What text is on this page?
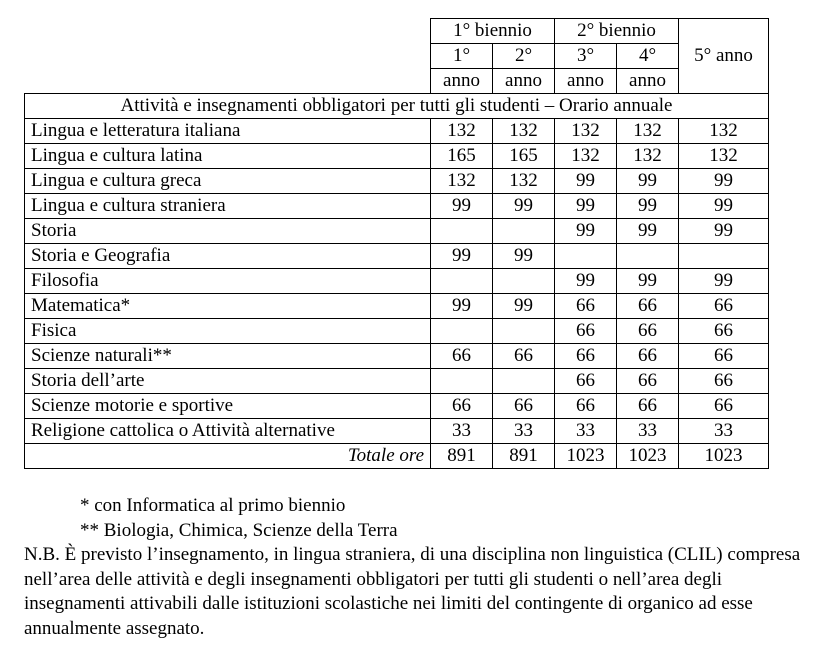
	1° biennio		2° biennio		5° anno
	1°	2°	3°	4°	
	anno	anno	anno	anno	
Attività e insegnamenti obbligatori per tutti gli studenti – Orario annuale					
Lingua e letteratura italiana	132	132	132	132	132
Lingua e cultura latina	165	165	132	132	132
Lingua e cultura greca	132	132	99	99	99
Lingua e cultura straniera	99	99	99	99	99
Storia			99	99	99
Storia e Geografia	99	99			
Filosofia			99	99	99
Matematica*	99	99	66	66	66
Fisica			66	66	66
Scienze naturali**	66	66	66	66	66
Storia dell’arte			66	66	66
Scienze motorie e sportive	66	66	66	66	66
Religione cattolica o Attività alternative	33	33	33	33	33
Totale ore	891	891	1023	1023	1023
* con Informatica al primo biennio
** Biologia, Chimica, Scienze della Terra
N.B. È previsto l’insegnamento, in lingua straniera, di una disciplina non linguistica (CLIL) compresa nell’area delle attività e degli insegnamenti obbligatori per tutti gli studenti o nell’area degli insegnamenti attivabili dalle istituzioni scolastiche nei limiti del contingente di organico ad esse annualmente assegnato.
